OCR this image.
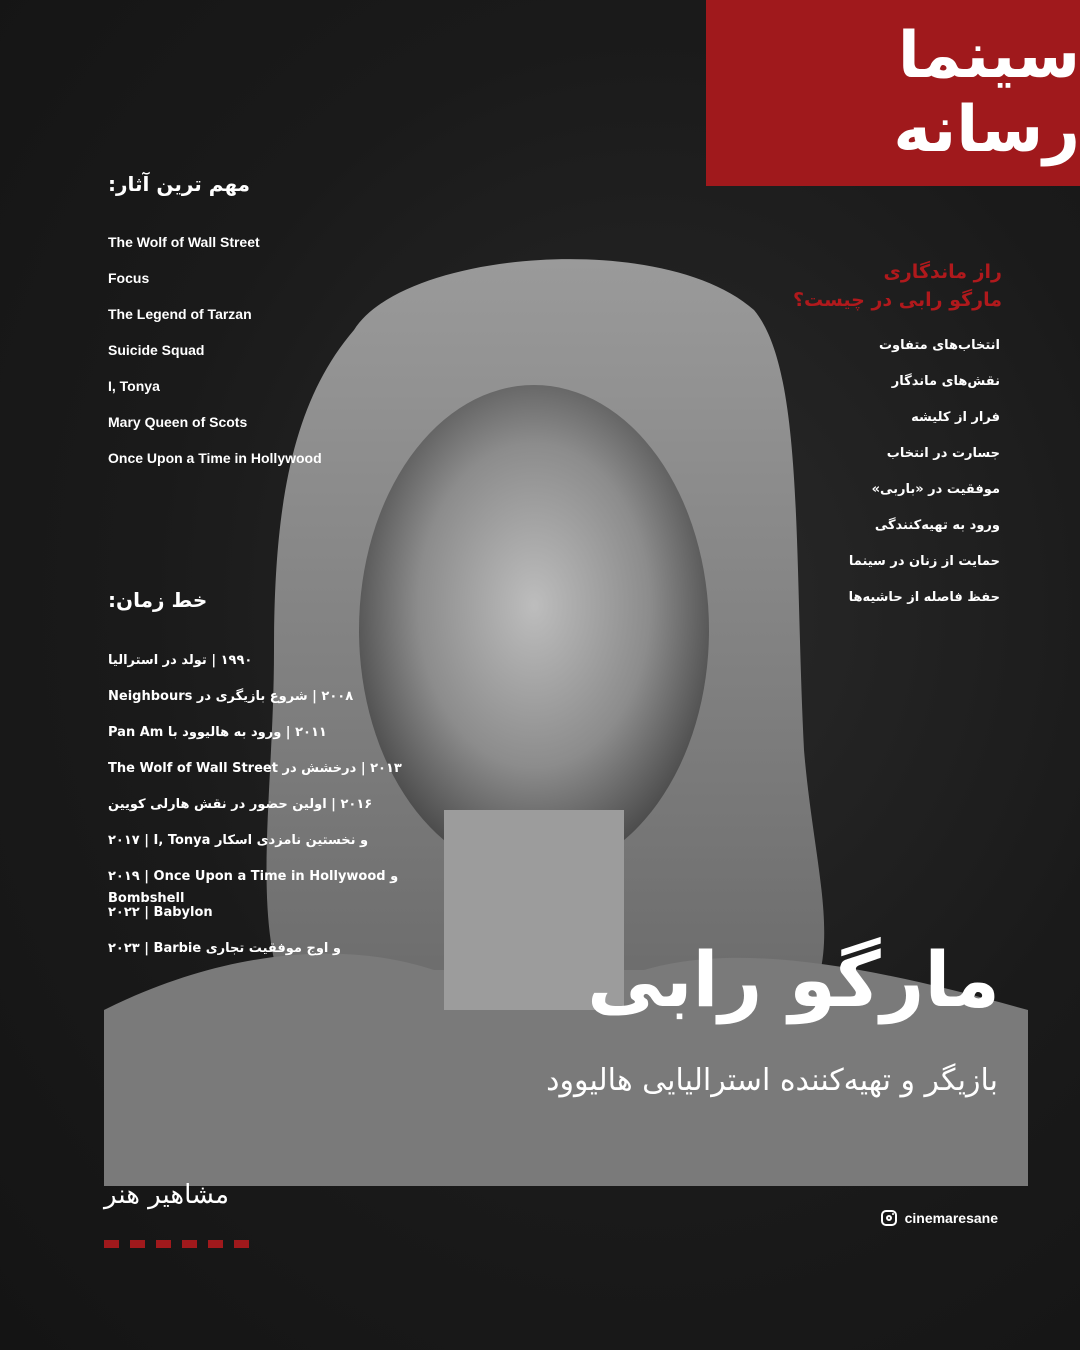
سینما رسانه
مهم ترین آثار:
The Wolf of Wall Street
Focus
The Legend of Tarzan
Suicide Squad
I, Tonya
Mary Queen of Scots
Once Upon a Time in Hollywood
راز ماندگاری
مارگو رابی در چیست؟
انتخاب‌های متفاوت
نقش‌های ماندگار
فرار از کلیشه
جسارت در انتخاب
موفقیت در «باربی»
ورود به تهیه‌کنندگی
حمایت از زنان در سینما
حفظ فاصله از حاشیه‌ها
خط زمان:
۱۹۹۰ | تولد در استرالیا
۲۰۰۸ | شروع بازیگری در Neighbours
۲۰۱۱ | ورود به هالیوود با Pan Am
۲۰۱۳ | درخشش در The Wolf of Wall Street
۲۰۱۶ | اولین حضور در نقش هارلی کویین
۲۰۱۷ | I, Tonya و نخستین نامزدی اسکار
۲۰۱۹ | Once Upon a Time in Hollywood و Bombshell
۲۰۲۲ | Babylon
۲۰۲۳ | Barbie و اوج موفقیت تجاری	مارگو رابی
بازیگر و تهیه‌کننده استرالیایی هالیوود
مشاهیر هنر
cinemaresane
